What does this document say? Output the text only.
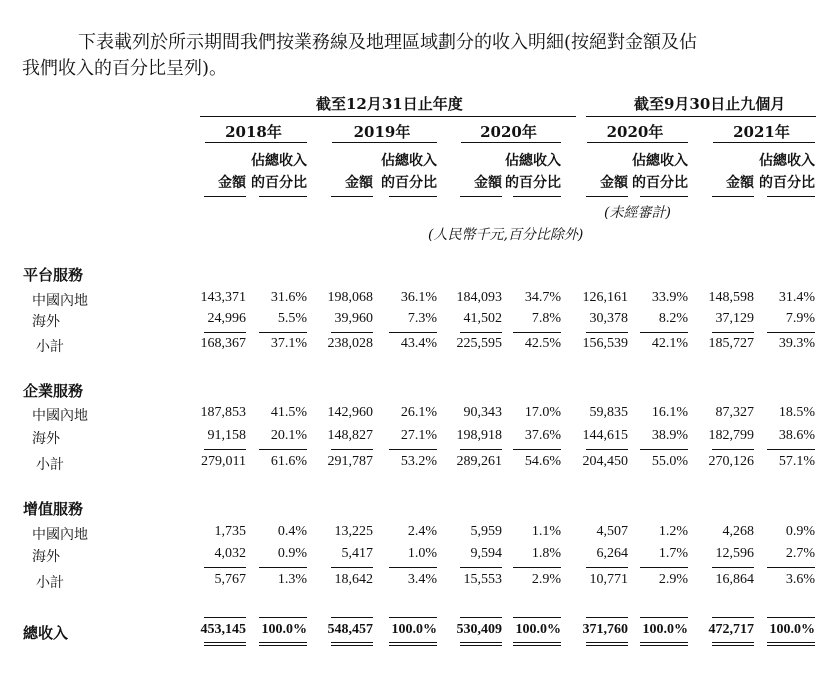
下表載列於所示期間我們按業務線及地理區域劃分的收入明細(按絕對金額及佔
我們收入的百分比呈列)。
截至12月31日止年度	截至9月30日止九個月
(未經審計)
(人民幣千元,百分比除外)
2018年
金額
佔總收入
的百分比
2019年
金額
佔總收入
的百分比
2020年
金額
佔總收入
的百分比
2020年
金額
佔總收入
的百分比
2021年
金額
佔總收入
的百分比
平台服務
中國內地	143,371 31.6% 198,068 36.1% 184,093 34.7% 126,161 33.9% 148,598 31.4%
海外	24,996 5.5% 39,960 7.3% 41,502 7.8% 30,378 8.2% 37,129 7.9%
小計	168,367 37.1% 238,028 43.4% 225,595 42.5% 156,539 42.1% 185,727 39.3%
企業服務
中國內地	187,853 41.5% 142,960 26.1% 90,343 17.0% 59,835 16.1% 87,327 18.5%
海外	91,158 20.1% 148,827 27.1% 198,918 37.6% 144,615 38.9% 182,799 38.6%
小計	279,011 61.6% 291,787 53.2% 289,261 54.6% 204,450 55.0% 270,126 57.1%
增值服務
中國內地	1,735 0.4% 13,225 2.4% 5,959 1.1%	4,507 1.2% 4,268 0.9%
海外	4,032 0.9% 5,417 1.0% 9,594 1.8%	6,264 1.7% 12,596 2.7%
小計	5,767 1.3% 18,642 3.4% 15,553 2.9% 10,771 2.9% 16,864 3.6%
總收入	453,145 100.0% 548,457 100.0% 530,409 100.0% 371,760 100.0% 472,717 100.0%
